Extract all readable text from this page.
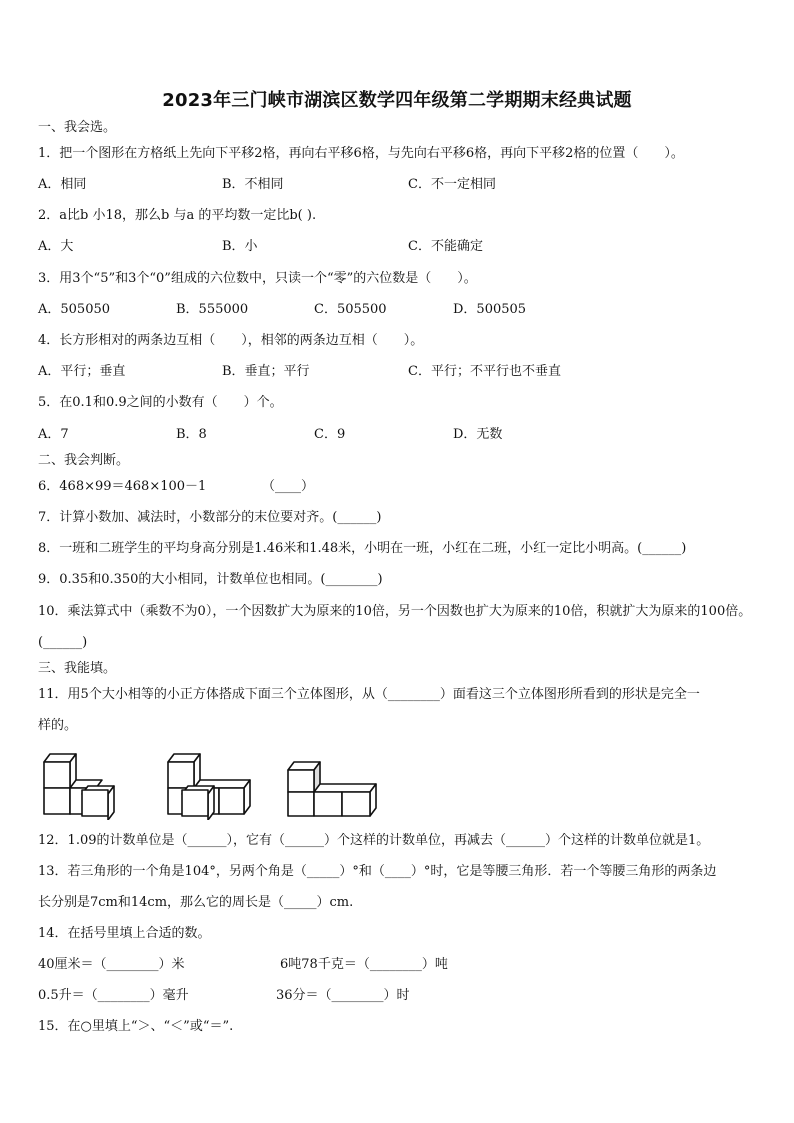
2023年三门峡市湖滨区数学四年级第二学期期末经典试题
一、我会选。
1．把一个图形在方格纸上先向下平移2格，再向右平移6格，与先向右平移6格，再向下平移2格的位置（　　）。
A．相同	B．不相同	C．不一定相同
2．a比b 小18，那么b 与a 的平均数一定比b( ).
A．大	B．小	C．不能确定
3．用3个“5”和3个“0”组成的六位数中，只读一个“零”的六位数是（　　）。
A．505050	B．555000	C．505500	D．500505
4．长方形相对的两条边互相（　　），相邻的两条边互相（　　）。
A．平行；垂直	B．垂直；平行	C．平行；不平行也不垂直
5．在0.1和0.9之间的小数有（　　）个。
A．7	B．8	C．9	D．无数
二、我会判断。
6．468×99＝468×100－1	（____）
7．计算小数加、减法时，小数部分的末位要对齐。(______)
8．一班和二班学生的平均身高分别是1.46米和1.48米，小明在一班，小红在二班，小红一定比小明高。(______)
9．0.35和0.350的大小相同，计数单位也相同。(________)
10．乘法算式中（乘数不为0），一个因数扩大为原来的10倍，另一个因数也扩大为原来的10倍，积就扩大为原来的100倍。(______)
三、我能填。
11．用5个大小相等的小正方体搭成下面三个立体图形，从（________）面看这三个立体图形所看到的形状是完全一
样的。
12．1.09的计数单位是（______），它有（______）个这样的计数单位，再减去（______）个这样的计数单位就是1。
13．若三角形的一个角是104°，另两个角是（_____）°和（____）°时，它是等腰三角形．若一个等腰三角形的两条边
长分别是7cm和14cm，那么它的周长是（_____）cm.
14．在括号里填上合适的数。
40厘米＝（________）米	6吨78千克＝（________）吨
0.5升＝（________）毫升	36分＝（________）时
15．在○里填上“＞、“＜”或“＝”.
